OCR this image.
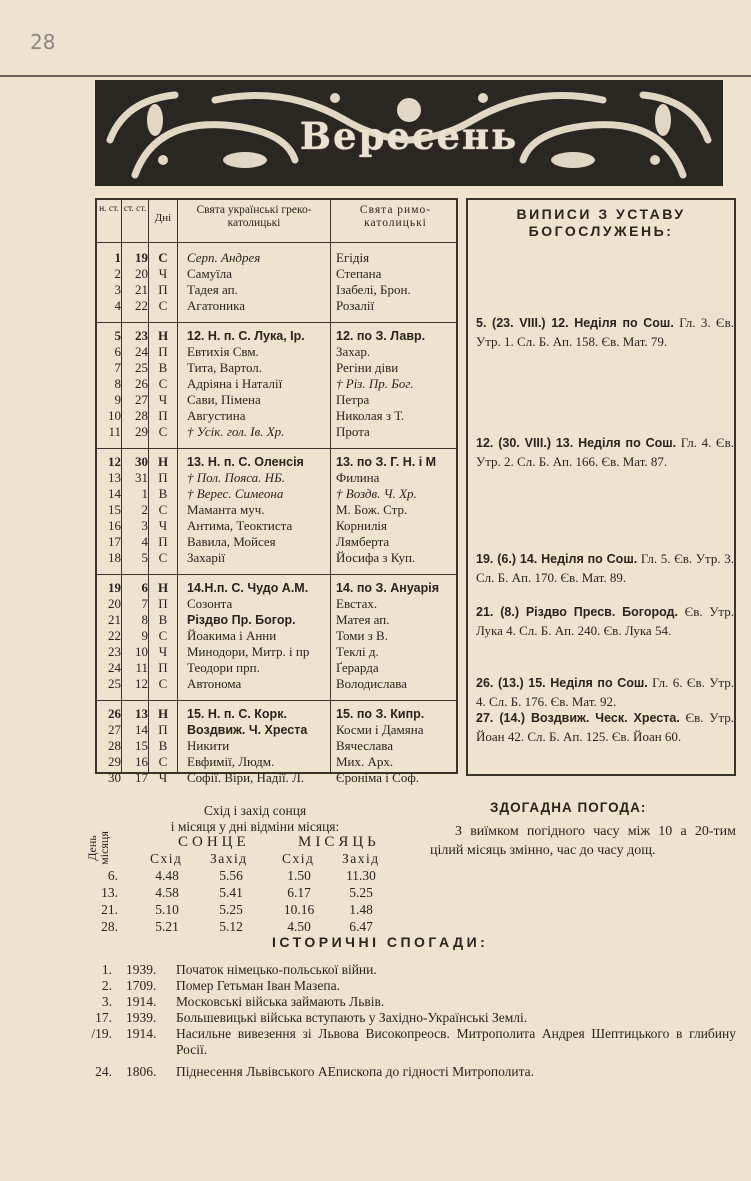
28
Вересень
н. ст. ст. ст.
Дні
Свята українські греко-католицькі
Свята римо-католицькі
1	19 С	Серп. Андрея	Егідія
2	20 Ч	Самуїла	Степана
3	21 П	Тадея ап.	Ізабелі, Брон.
4	22 С	Агатоника	Розалії
5	23 Н	12. Н. п. С. Лука, Ір.	12. по З. Лавр.
6	24 П	Евтихія Свм.	Захар.
7	25 В	Тита, Вартол.	Регіни діви
8	26 С	Адріяна і Наталії	† Різ. Пр. Бог.
9	27 Ч	Сави, Пімена	Петра
10	28 П	Августина	Николая з Т.
11	29 С	† Усік. гол. Ів. Хр.	Прота
12	30 Н	13. Н. п. С. Оленсія	13. по З. Г. Н. і М
13	31 П	† Пол. Пояса. НБ.	Филина
14	1 В	† Верес. Симеона	† Воздв. Ч. Хр.
15	2 С	Маманта муч.	М. Бож. Стр.
16	3 Ч	Антима, Теоктиста	Корнилія
17	4 П	Вавила, Мойсея	Лямберта
18	5 С	Захарії	Йосифа з Куп.
19	6 Н	14.Н.п. С. Чудо А.М.	14. по З. Ануарія
20	7 П	Созонта	Евстах.
21	8 В	Різдво Пр. Богор.	Матея ап.
22	9 С	Йоакима і Анни	Томи з В.
23	10 Ч	Минодори, Митр. і пр	Теклі д.
24	11 П	Теодори прп.	Ґерарда
25	12 С	Автонома	Володислава
26	13 Н	15. Н. п. С. Корк.	15. по З. Кипр.
27	14 П	Воздвиж. Ч. Хреста	Косми і Дамяна
28	15 В	Никити	Вячеслава
29	16 С	Евфимії, Людм.	Мих. Арх.
30	17 Ч	Софії. Віри, Надії. Л.	Єроніма і Соф.
ВИПИСИ З УСТАВУ
БОГОСЛУЖЕНЬ:
5. (23. VIII.) 12. Неділя по Сош. Гл. 3. Єв. Утр. 1. Сл. Б. Ап. 158. Єв. Мат. 79.
12. (30. VIII.) 13. Неділя по Сош. Гл. 4. Єв. Утр. 2. Сл. Б. Ап. 166. Єв. Мат. 87.
19. (6.) 14. Неділя по Сош. Гл. 5. Єв. Утр. 3. Сл. Б. Ап. 170. Єв. Мат. 89.
21. (8.) Різдво Пресв. Богород. Єв. Утр. Лука 4. Сл. Б. Ап. 240. Єв. Лука 54.
26. (13.) 15. Неділя по Сош. Гл. 6. Єв. Утр. 4. Сл. Б. 176. Єв. Мат. 92.
27. (14.) Воздвиж. Ческ. Хреста. Єв. Утр. Йоан 42. Сл. Б. Ап. 125. Єв. Йоан 60.
Схід і захід сонця
і місяця у дні відміни місяця:
СОНЦЕ	МІСЯЦЬ
Схід Захід	Схід Захід
День місяця
6.	4.48	5.56	1.50	11.30
13.	4.58	5.41	6.17	5.25
21.	5.10	5.25	10.16	1.48
28.	5.21	5.12	4.50	6.47
ЗДОГАДНА ПОГОДА:
З виїмком погідного часу між 10 а 20-тим цілий місяць змінно, час до часу дощ.
ІСТОРИЧНІ СПОГАДИ:
1. 1939.	Початок німецько-польської війни.
2. 1709.	Помер Гетьман Іван Мазепа.
3. 1914.	Московські війська займають Львів.
17. 1939.	Большевицькі війська вступають у Західно-Українські Землі.
/19. 1914.	Насильне вивезення зі Львова Високопреосв. Митрополита Андрея Шептицького в глибину Росії.
24. 1806.	Піднесення Львівського АЕпископа до гідності Митрополита.
